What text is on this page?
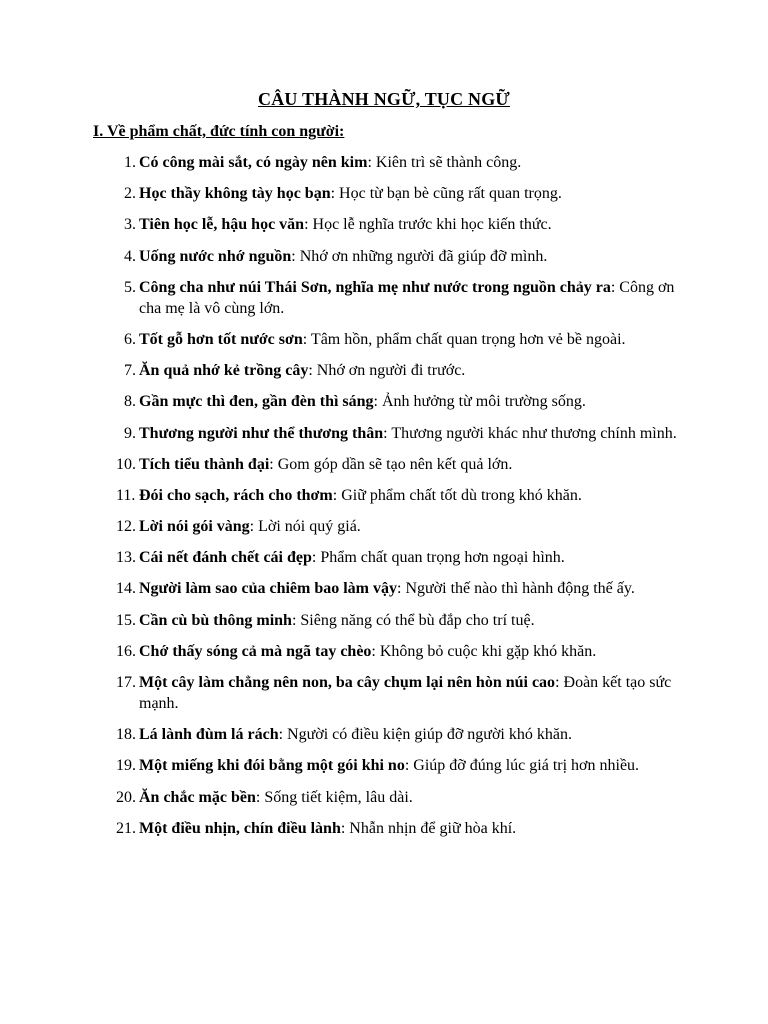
CÂU THÀNH NGỮ, TỤC NGỮ
I. Về phẩm chất, đức tính con người:
1. Có công mài sắt, có ngày nên kim: Kiên trì sẽ thành công.
2. Học thầy không tày học bạn: Học từ bạn bè cũng rất quan trọng.
3. Tiên học lễ, hậu học văn: Học lễ nghĩa trước khi học kiến thức.
4. Uống nước nhớ nguồn: Nhớ ơn những người đã giúp đỡ mình.
5. Công cha như núi Thái Sơn, nghĩa mẹ như nước trong nguồn chảy ra: Công ơn cha mẹ là vô cùng lớn.
6. Tốt gỗ hơn tốt nước sơn: Tâm hồn, phẩm chất quan trọng hơn vẻ bề ngoài.
7. Ăn quả nhớ kẻ trồng cây: Nhớ ơn người đi trước.
8. Gần mực thì đen, gần đèn thì sáng: Ảnh hưởng từ môi trường sống.
9. Thương người như thể thương thân: Thương người khác như thương chính mình.
10. Tích tiểu thành đại: Gom góp dần sẽ tạo nên kết quả lớn.
11. Đói cho sạch, rách cho thơm: Giữ phẩm chất tốt dù trong khó khăn.
12. Lời nói gói vàng: Lời nói quý giá.
13. Cái nết đánh chết cái đẹp: Phẩm chất quan trọng hơn ngoại hình.
14. Người làm sao của chiêm bao làm vậy: Người thế nào thì hành động thế ấy.
15. Cần cù bù thông minh: Siêng năng có thể bù đắp cho trí tuệ.
16. Chớ thấy sóng cả mà ngã tay chèo: Không bỏ cuộc khi gặp khó khăn.
17. Một cây làm chẳng nên non, ba cây chụm lại nên hòn núi cao: Đoàn kết tạo sức mạnh.
18. Lá lành đùm lá rách: Người có điều kiện giúp đỡ người khó khăn.
19. Một miếng khi đói bằng một gói khi no: Giúp đỡ đúng lúc giá trị hơn nhiều.
20. Ăn chắc mặc bền: Sống tiết kiệm, lâu dài.
21. Một điều nhịn, chín điều lành: Nhẫn nhịn để giữ hòa khí.
